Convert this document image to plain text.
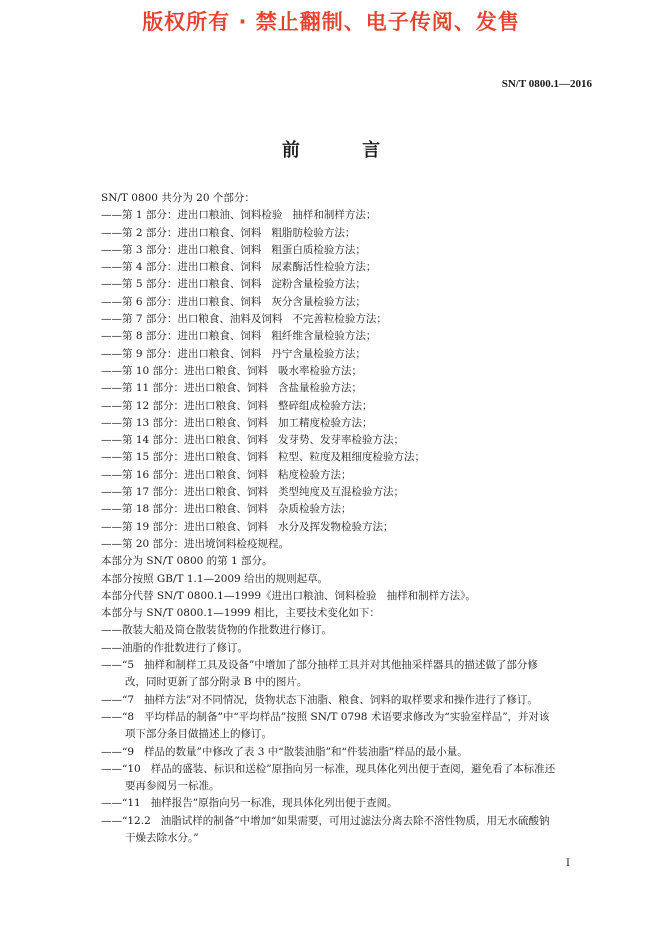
版权所有 · 禁止翻制、电子传阅、发售
SN/T 0800.1—2016
前 言

SN/T 0800 共分为 20 个部分：

——第 1 部分：进出口粮油、饲料检验   抽样和制样方法；

——第 2 部分：进出口粮食、饲料   粗脂肪检验方法；

——第 3 部分：进出口粮食、饲料   粗蛋白质检验方法；

——第 4 部分：进出口粮食、饲料   尿素酶活性检验方法；

——第 5 部分：进出口粮食、饲料   淀粉含量检验方法；

——第 6 部分：进出口粮食、饲料   灰分含量检验方法；

——第 7 部分：出口粮食、油料及饲料   不完善粒检验方法；

——第 8 部分：进出口粮食、饲料   粗纤维含量检验方法；

——第 9 部分：进出口粮食、饲料   丹宁含量检验方法；

——第 10 部分：进出口粮食、饲料   吸水率检验方法；

——第 11 部分：进出口粮食、饲料   含盐量检验方法；

——第 12 部分：进出口粮食、饲料   整碎组成检验方法；

——第 13 部分：进出口粮食、饲料   加工精度检验方法；

——第 14 部分：进出口粮食、饲料   发芽势、发芽率检验方法；

——第 15 部分：进出口粮食、饲料   粒型、粒度及粗细度检验方法；

——第 16 部分：进出口粮食、饲料   粘度检验方法；

——第 17 部分：进出口粮食、饲料   类型纯度及互混检验方法；

——第 18 部分：进出口粮食、饲料   杂质检验方法；

——第 19 部分：进出口粮食、饲料   水分及挥发物检验方法；

——第 20 部分：进出境饲料检疫规程。

本部分为 SN/T 0800 的第 1 部分。

本部分按照 GB/T 1.1—2009 给出的规则起草。

本部分代替 SN/T 0800.1—1999《进出口粮油、饲料检验   抽样和制样方法》。

本部分与 SN/T 0800.1—1999 相比，主要技术变化如下：

——散装大船及筒仓散装货物的作批数进行修订。

——油脂的作批数进行了修订。

——“5   抽样和制样工具及设备”中增加了部分抽样工具并对其他抽采样器具的描述做了部分修

改，同时更新了部分附录 B 中的图片。

——“7   抽样方法”对不同情况，货物状态下油脂、粮食、饲料的取样要求和操作进行了修订。

——“8   平均样品的制备”中“平均样品”按照 SN/T 0798 术语要求修改为“实验室样品”，并对该

项下部分条目做描述上的修订。

——“9   样品的数量”中修改了表 3 中“散装油脂”和“件装油脂”样品的最小量。

——“10   样品的盛装、标识和送检”原指向另一标准，现具体化列出便于查阅，避免看了本标准还

要再参阅另一标准。

——“11   抽样报告”原指向另一标准，现具体化列出便于查阅。

——“12.2   油脂试样的制备”中增加“如果需要，可用过滤法分离去除不溶性物质，用无水硫酸钠

干燥去除水分。”

I
